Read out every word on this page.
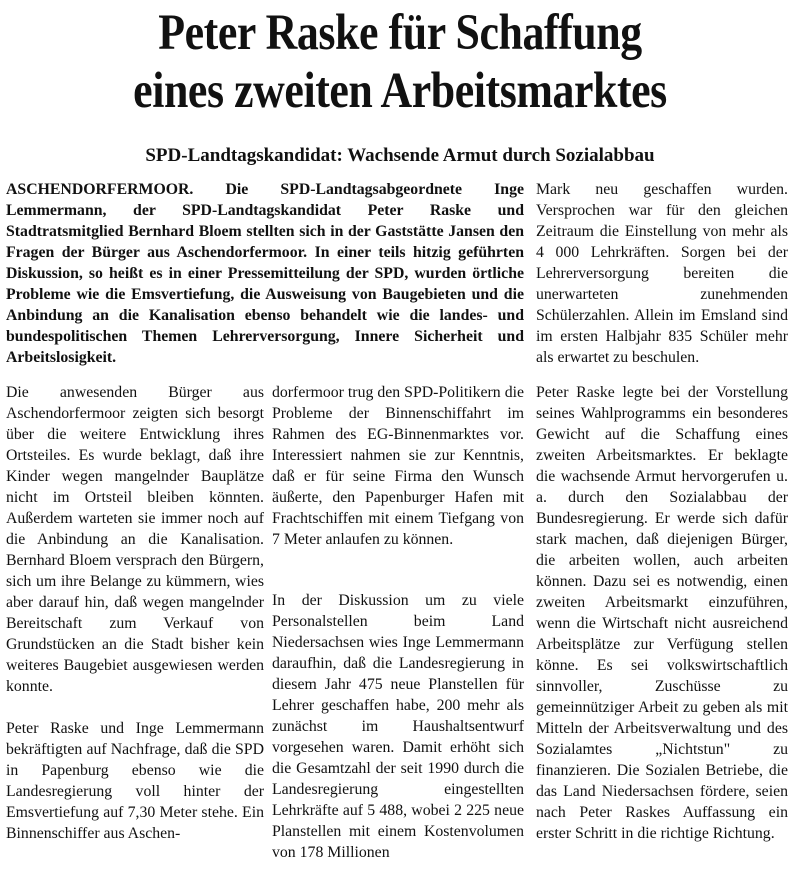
Peter Raske für Schaffung
eines zweiten Arbeitsmarktes
SPD-Landtagskandidat: Wachsende Armut durch Sozialabbau
ASCHENDORFERMOOR. Die SPD-Landtagsabgeordnete Inge Lemmermann, der SPD-Landtagskandidat Peter Raske und Stadtratsmitglied Bernhard Bloem stellten sich in der Gaststätte Jansen den Fragen der Bürger aus Aschendorfermoor. In einer teils hitzig geführten Diskussion, so heißt es in einer Pressemitteilung der SPD, wurden örtliche Probleme wie die Emsvertiefung, die Ausweisung von Baugebieten und die Anbindung an die Kanalisation ebenso behandelt wie die landes- und bundespolitischen Themen Lehrerversorgung, Innere Sicherheit und Arbeitslosigkeit.

Mark neu geschaffen wurden. Versprochen war für den gleichen Zeitraum die Einstellung von mehr als 4 000 Lehrkräften. Sorgen bei der Lehrerversorgung bereiten die unerwarteten zunehmenden Schülerzahlen. Allein im Emsland sind im ersten Halbjahr 835 Schüler mehr als erwartet zu beschulen.

Die anwesenden Bürger aus Aschendorfermoor zeigten sich besorgt über die weitere Entwicklung ihres Ortsteiles. Es wurde beklagt, daß ihre Kinder wegen mangelnder Bauplätze nicht im Ortsteil bleiben könnten. Außerdem warteten sie immer noch auf die Anbindung an die Kanalisation. Bernhard Bloem versprach den Bürgern, sich um ihre Belange zu kümmern, wies aber darauf hin, daß wegen mangelnder Bereitschaft zum Verkauf von Grundstücken an die Stadt bisher kein weiteres Baugebiet ausgewiesen werden konnte.

Peter Raske und Inge Lemmermann bekräftigten auf Nachfrage, daß die SPD in Papenburg ebenso wie die Landesregierung voll hinter der Emsvertiefung auf 7,30 Meter stehe. Ein Binnenschiffer aus Aschen-

dorfermoor trug den SPD-Politikern die Probleme der Binnenschiffahrt im Rahmen des EG-Binnenmarktes vor. Interessiert nahmen sie zur Kenntnis, daß er für seine Firma den Wunsch äußerte, den Papenburger Hafen mit Frachtschiffen mit einem Tiefgang von 7 Meter anlaufen zu können.

In der Diskussion um zu viele Personalstellen beim Land Niedersachsen wies Inge Lemmermann daraufhin, daß die Landesregierung in diesem Jahr 475 neue Planstellen für Lehrer geschaffen habe, 200 mehr als zunächst im Haushaltsentwurf vorgesehen waren. Damit erhöht sich die Gesamtzahl der seit 1990 durch die Landesregierung eingestellten Lehrkräfte auf 5 488, wobei 2 225 neue Planstellen mit einem Kostenvolumen von 178 Millionen

Peter Raske legte bei der Vorstellung seines Wahlprogramms ein besonderes Gewicht auf die Schaffung eines zweiten Arbeitsmarktes. Er beklagte die wachsende Armut hervorgerufen u. a. durch den Sozialabbau der Bundesregierung. Er werde sich dafür stark machen, daß diejenigen Bürger, die arbeiten wollen, auch arbeiten können. Dazu sei es notwendig, einen zweiten Arbeitsmarkt einzuführen, wenn die Wirtschaft nicht ausreichend Arbeitsplätze zur Verfügung stellen könne. Es sei volkswirtschaftlich sinnvoller, Zuschüsse zu gemeinnütziger Arbeit zu geben als mit Mitteln der Arbeitsverwaltung und des Sozialamtes „Nichtstun" zu finanzieren. Die Sozialen Betriebe, die das Land Niedersachsen fördere, seien nach Peter Raskes Auffassung ein erster Schritt in die richtige Richtung.
